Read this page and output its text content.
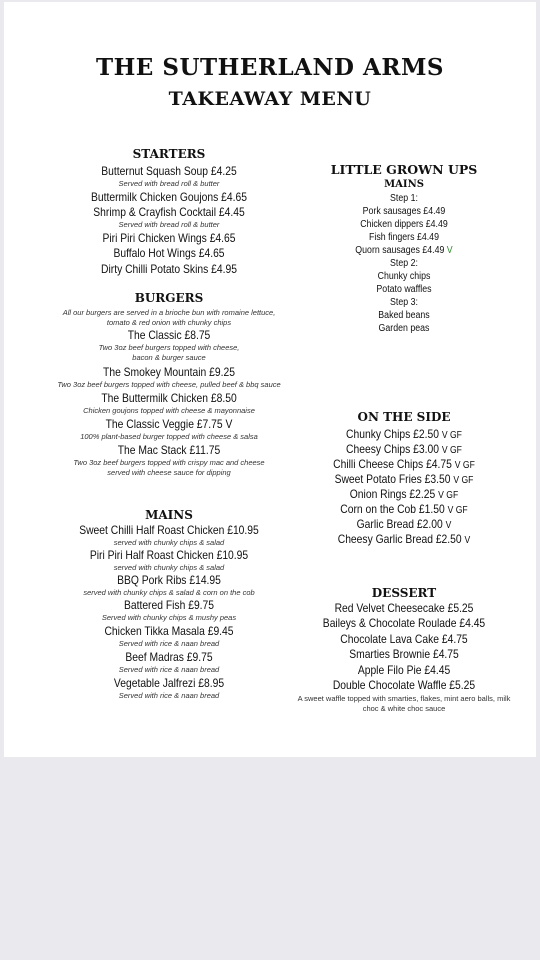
THE SUTHERLAND ARMS
TAKEAWAY MENU
STARTERS
Butternut Squash Soup £4.25
Served with bread roll & butter
Buttermilk Chicken Goujons £4.65
Shrimp & Crayfish Cocktail £4.45
Served with bread roll & butter
Piri Piri Chicken Wings £4.65
Buffalo Hot Wings £4.65
Dirty Chilli Potato Skins £4.95
BURGERS
All our burgers are served in a brioche bun with romaine lettuce,
tomato & red onion with chunky chips
The Classic £8.75
Two 3oz beef burgers topped with cheese,
bacon & burger sauce
The Smokey Mountain £9.25
Two 3oz beef burgers topped with cheese, pulled beef & bbq sauce
The Buttermilk Chicken £8.50
Chicken goujons topped with cheese & mayonnaise
The Classic Veggie £7.75 V
100% plant-based burger topped with cheese & salsa
The Mac Stack £11.75
Two 3oz beef burgers topped with crispy mac and cheese
served with cheese sauce for dipping
MAINS
Sweet Chilli Half Roast Chicken £10.95
served with chunky chips & salad
Piri Piri Half Roast Chicken £10.95
served with chunky chips & salad
BBQ Pork Ribs £14.95
served with chunky chips & salad & corn on the cob
Battered Fish £9.75
Served with chunky chips & mushy peas
Chicken Tikka Masala £9.45
Served with rice & naan bread
Beef Madras £9.75
Served with rice & naan bread
Vegetable Jalfrezi £8.95
Served with rice & naan bread
LITTLE GROWN UPS
MAINS
Step 1:
Pork sausages £4.49
Chicken dippers £4.49
Fish fingers £4.49
Quorn sausages £4.49 V
Step 2:
Chunky chips
Potato waffles
Step 3:
Baked beans
Garden peas
ON THE SIDE
Chunky Chips £2.50 V GF
Cheesy Chips £3.00 V GF
Chilli Cheese Chips £4.75 V GF
Sweet Potato Fries £3.50 V GF
Onion Rings £2.25 V GF
Corn on the Cob £1.50 V GF
Garlic Bread £2.00 V
Cheesy Garlic Bread £2.50 V
DESSERT
Red Velvet Cheesecake £5.25
Baileys & Chocolate Roulade £4.45
Chocolate Lava Cake £4.75
Smarties Brownie £4.75
Apple Filo Pie £4.45
Double Chocolate Waffle £5.25
A sweet waffle topped with smarties, flakes, mint aero balls, milk
choc & white choc sauce
